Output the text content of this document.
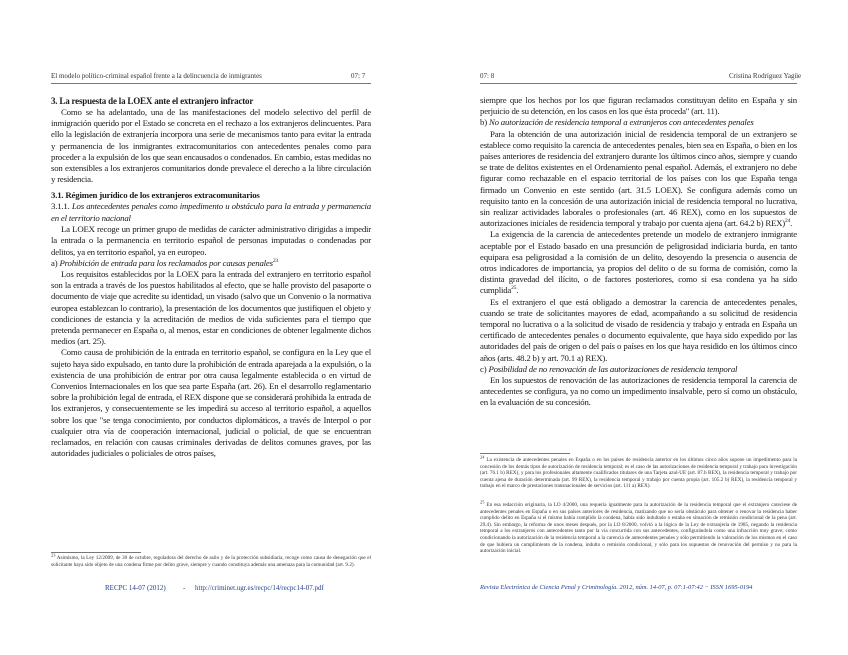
El modelo político-criminal español frente a la delincuencia de inmigrantes	07: 7
3. La respuesta de la LOEX ante el extranjero infractor

Como se ha adelantado, una de las manifestaciones del modelo selectivo del perfil de inmigración querido por el Estado se concreta en el rechazo a los extranjeros delincuentes. Para ello la legislación de extranjería incorpora una serie de mecanismos tanto para evitar la entrada y permanencia de los inmigrantes extracomunitarios con antecedentes penales como para proceder a la expulsión de los que sean encausados o condenados. En cambio, estas medidas no son extensibles a los extranjeros comunitarios donde prevalece el derecho a la libre circulación y residencia.

3.1. Régimen jurídico de los extranjeros extracomunitarios
3.1.1. Los antecedentes penales como impedimento u obstáculo para la entrada y permanencia en el territorio nacional

La LOEX recoge un primer grupo de medidas de carácter administrativo dirigidas a impedir la entrada o la permanencia en territorio español de personas imputadas o condenadas por delitos, ya en territorio español, ya en europeo.

a) Prohibición de entrada para los reclamados por causas penales$^{23}$

Los requisitos establecidos por la LOEX para la entrada del extranjero en territorio español son la entrada a través de los puestos habilitados al efecto, que se halle provisto del pasaporte o documento de viaje que acredite su identidad, un visado (salvo que un Convenio o la normativa europea establezcan lo contrario), la presentación de los documentos que justifiquen el objeto y condiciones de estancia y la acreditación de medios de vida suficientes para el tiempo que pretenda permanecer en España o, al menos, estar en condiciones de obtener legalmente dichos medios (art. 25).

Como causa de prohibición de la entrada en territorio español, se configura en la Ley que el sujeto haya sido expulsado, en tanto dure la prohibición de entrada aparejada a la expulsión, o la existencia de una prohibición de entrar por otra causa legalmente establecida o en virtud de Convenios Internacionales en los que sea parte España (art. 26). En el desarrollo reglamentario sobre la prohibición legal de entrada, el REX dispone que se considerará prohibida la entrada de los extranjeros, y consecuentemente se les impedirá su acceso al territorio español, a aquellos sobre los que "se tenga conocimiento, por conductos diplomáticos, a través de Interpol o por cualquier otra vía de cooperación internacional, judicial o policial, de que se encuentran reclamados, en relación con causas criminales derivadas de delitos comunes graves, por las autoridades judiciales o policiales de otros países,

23 Asimismo, la Ley 12/2009, de 30 de octubre, reguladora del derecho de asilo y de la protección subsidiaria, recoge como causa de denegación que el solicitante haya sido objeto de una condena firme por delito grave, siempre y cuando constituya además una amenaza para la comunidad (art. 9.2).
RECPC 14-07 (2012) - http://criminet.ugr.es/recpc/14/recpc14-07.pdf
07: 8	Cristina Rodríguez Yagüe

siempre que los hechos por los que figuran reclamados constituyan delito en España y sin perjuicio de su detención, en los casos en los que ésta proceda" (art. 11).

b) No autorización de residencia temporal a extranjeros con antecedentes penales

Para la obtención de una autorización inicial de residencia temporal de un extranjero se establece como requisito la carencia de antecedentes penales, bien sea en España, o bien en los países anteriores de residencia del extranjero durante los últimos cinco años, siempre y cuando se trate de delitos existentes en el Ordenamiento penal español. Además, el extranjero no debe figurar como rechazable en el espacio territorial de los países con los que España tenga firmado un Convenio en este sentido (art. 31.5 LOEX). Se configura además como un requisito tanto en la concesión de una autorización inicial de residencia temporal no lucrativa, sin realizar actividades laborales o profesionales (art. 46 REX), como en los supuestos de autorizaciones iniciales de residencia temporal y trabajo por cuenta ajena (art. 64.2 b) REX)$^{24}$.

La exigencia de la carencia de antecedentes pretende un modelo de extranjero inmigrante aceptable por el Estado basado en una presunción de peligrosidad indiciaria burda, en tanto equipara esa peligrosidad a la comisión de un delito, desoyendo la presencia o ausencia de otros indicadores de importancia, ya propios del delito o de su forma de comisión, como la distinta gravedad del ilícito, o de factores posteriores, como si esa condena ya ha sido cumplida$^{25}$.

Es el extranjero el que está obligado a demostrar la carencia de antecedentes penales, cuando se trate de solicitantes mayores de edad, acompañando a su solicitud de residencia temporal no lucrativa o a la solicitud de visado de residencia y trabajo y entrada en España un certificado de antecedentes penales o documento equivalente, que haya sido expedido por las autoridades del país de origen o del país o países en los que haya residido en los últimos cinco años (arts. 48.2 b) y art. 70.1 a) REX).

c) Posibilidad de no renovación de las autorizaciones de residencia temporal

En los supuestos de renovación de las autorizaciones de residencia temporal la carencia de antecedentes se configura, ya no como un impedimento insalvable, pero sí como un obstáculo, en la evaluación de su concesión.

24 La existencia de antecedentes penales en España o en los países de residencia anterior en los últimos cinco años supone un impedimento para la concesión de los demás tipos de autorización de residencia temporal; es el caso de las autorizaciones de residencia temporal y trabajo para investigación (art. 76.1 b) REX), y para los profesionales altamente cualificados titulares de una Tarjeta azul-UE (art. 87.b REX), la residencia temporal y trabajo por cuenta ajena de duración determinada (art. 99 REX), la residencia temporal y trabajo por cuenta propia (art. 105.2 b) REX), la residencia temporal y trabajo en el marco de prestaciones transnacionales de servicios (art. 111 a) REX).
25 En esa redacción originaria, la LO 4/2000, una requería igualmente para la autorización de la residencia temporal que el extranjero careciese de antecedentes penales en España o en sus países anteriores de residencia, matizando que no sería obstáculo para obtener o renovar la residencia haber cumplido delito en España si el mismo había cumplido la condena, había sido indultado o estaba en situación de remisión condicional de la pena (art. 29.4). Sin embargo, la reforma de unos meses después, por la LO 8/2000, volvió a la lógica de la Ley de extranjería de 1985, negando la residencia temporal a los extranjeros con antecedentes tanto por la vía concurrida con sus antecedentes, configurándola como una infracción muy grave; como condicionando la autorización de la residencia temporal a la carencia de antecedentes penales y sólo permitiendo la valoración de los mismos en el caso de que hubiera un cumplimiento de la condena, indulto o remisión condicional, y sólo para los supuestos de renovación del permiso y no para la autorización inicial.
Revista Electrónica de Ciencia Penal y Criminología. 2012, núm. 14-07, p. 07:1-07:42 − ISSN 1695-0194
